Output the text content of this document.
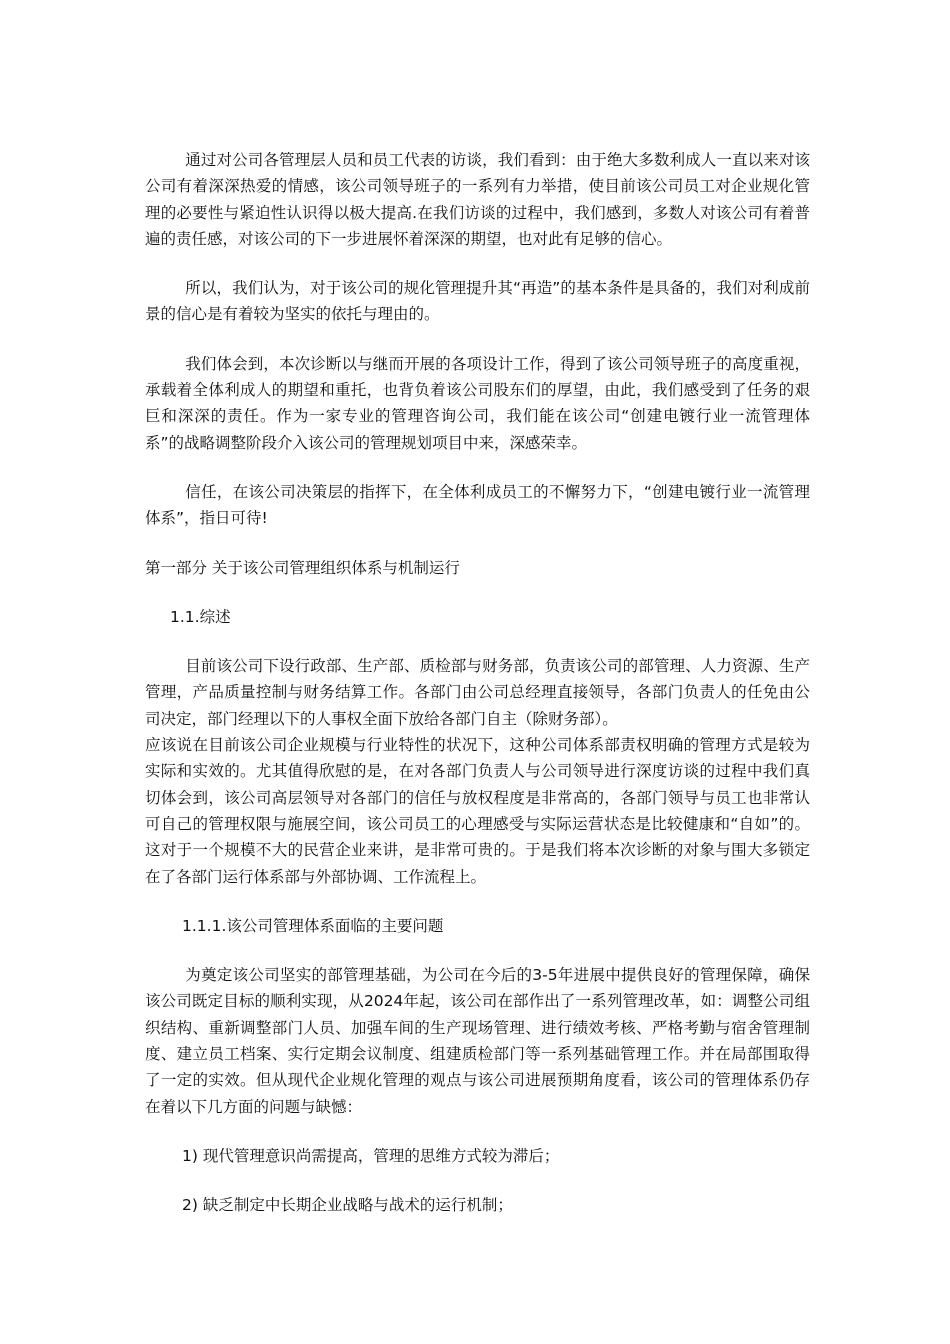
通过对公司各管理层人员和员工代表的访谈，我们看到：由于绝大多数利成人一直以来对该公司有着深深热爱的情感，该公司领导班子的一系列有力举措，使目前该公司员工对企业规化管理的必要性与紧迫性认识得以极大提高.在我们访谈的过程中，我们感到，多数人对该公司有着普遍的责任感，对该公司的下一步进展怀着深深的期望，也对此有足够的信心。

所以，我们认为，对于该公司的规化管理提升其“再造”的基本条件是具备的，我们对利成前景的信心是有着较为坚实的依托与理由的。

我们体会到，本次诊断以与继而开展的各项设计工作，得到了该公司领导班子的高度重视，承载着全体利成人的期望和重托，也背负着该公司股东们的厚望，由此，我们感受到了任务的艰巨和深深的责任。作为一家专业的管理咨询公司，我们能在该公司“创建电镀行业一流管理体系”的战略调整阶段介入该公司的管理规划项目中来，深感荣幸。

信任，在该公司决策层的指挥下，在全体利成员工的不懈努力下，“创建电镀行业一流管理体系”，指日可待!

第一部分 关于该公司管理组织体系与机制运行
1.1.综述

目前该公司下设行政部、生产部、质检部与财务部，负责该公司的部管理、人力资源、生产管理，产品质量控制与财务结算工作。各部门由公司总经理直接领导，各部门负责人的任免由公司决定，部门经理以下的人事权全面下放给各部门自主（除财务部）。

应该说在目前该公司企业规模与行业特性的状况下，这种公司体系部责权明确的管理方式是较为实际和实效的。尤其值得欣慰的是，在对各部门负责人与公司领导进行深度访谈的过程中我们真切体会到，该公司高层领导对各部门的信任与放权程度是非常高的，各部门领导与员工也非常认可自己的管理权限与施展空间，该公司员工的心理感受与实际运营状态是比较健康和“自如”的。这对于一个规模不大的民营企业来讲，是非常可贵的。于是我们将本次诊断的对象与围大多锁定在了各部门运行体系部与外部协调、工作流程上。

1.1.1.该公司管理体系面临的主要问题

为奠定该公司坚实的部管理基础，为公司在今后的3-5年进展中提供良好的管理保障，确保该公司既定目标的顺利实现，从2024年起，该公司在部作出了一系列管理改革，如：调整公司组织结构、重新调整部门人员、加强车间的生产现场管理、进行绩效考核、严格考勤与宿舍管理制度、建立员工档案、实行定期会议制度、组建质检部门等一系列基础管理工作。并在局部围取得了一定的实效。但从现代企业规化管理的观点与该公司进展预期角度看，该公司的管理体系仍存在着以下几方面的问题与缺憾：

1) 现代管理意识尚需提高，管理的思维方式较为滞后；
2) 缺乏制定中长期企业战略与战术的运行机制；
